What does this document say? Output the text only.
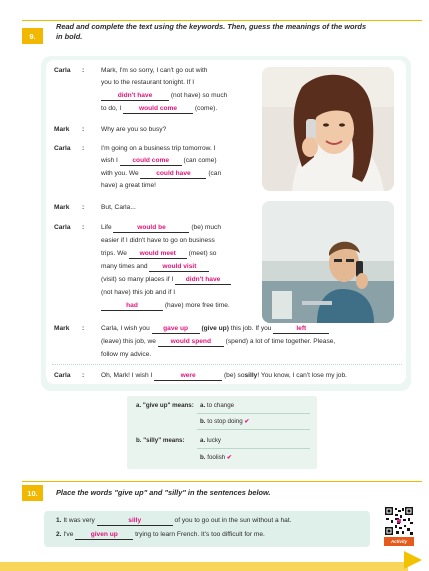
9.
Read and complete the text using the keywords. Then, guess the meanings of the words
in bold.
Carla :	Mark, I'm so sorry, I can't go out with
you to the restaurant tonight. If I
didn't have	(not have) so much
to do, I	would come	(come).
Mark :	Why are you so busy?
Carla :	I'm going on a business trip tomorrow. I
wish I could come (can come)
with you. We	could have	(can
have) a great time!
Mark :	But, Carla...
Carla :	Life	would be	(be) much
easier if I didn't have to go on business
trips. We would meet (meet) so
many times and would visit
(visit) so many places if I didn't have
(not have) this job and if I
had	(have) more free time.
Mark :	Carla, I wish you gave up (give up) this job. If you	left
(leave) this job, we would spend (spend) a lot of time together. Please,
follow my advice.
Carla :	Oh, Mark! I wish I	were	(be) sosilly! You know, I can't lose my job.
a. "give up" means: a. to change
b. to stop doing ✔
b. "silly" means: a. lucky
b. foolish ✔
10.	Place the words "give up" and "silly" in the sentences below.
1. It was very	silly	of you to go out in the sun without a hat.
2. I've	given up	trying to learn French. It's too difficult for me.
Activity
